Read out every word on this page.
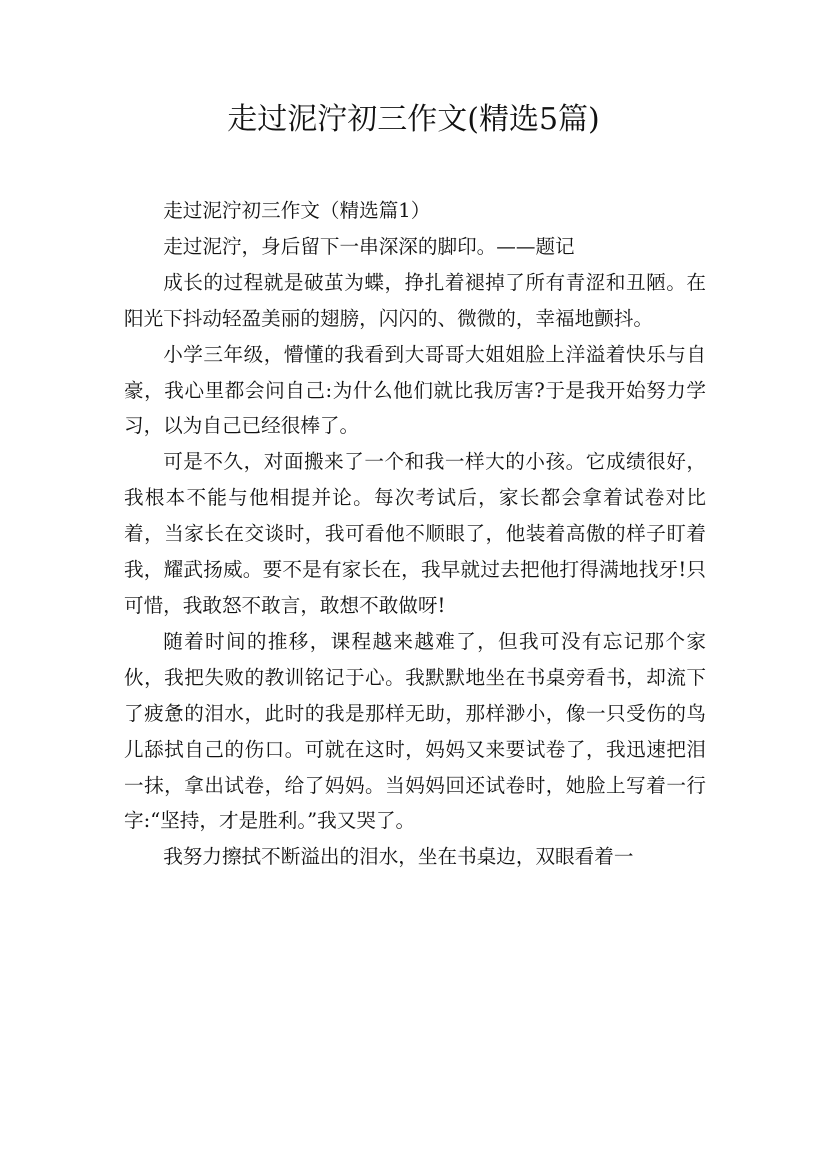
走过泥泞初三作文(精选5篇)

走过泥泞初三作文（精选篇1）

走过泥泞，身后留下一串深深的脚印。——题记

成长的过程就是破茧为蝶，挣扎着褪掉了所有青涩和丑陋。在阳光下抖动轻盈美丽的翅膀，闪闪的、微微的，幸福地颤抖。

小学三年级，懵懂的我看到大哥哥大姐姐脸上洋溢着快乐与自豪，我心里都会问自己:为什么他们就比我厉害?于是我开始努力学习，以为自己已经很棒了。

可是不久，对面搬来了一个和我一样大的小孩。它成绩很好，我根本不能与他相提并论。每次考试后，家长都会拿着试卷对比着，当家长在交谈时，我可看他不顺眼了，他装着高傲的样子盯着我，耀武扬威。要不是有家长在，我早就过去把他打得满地找牙!只可惜，我敢怒不敢言，敢想不敢做呀!

随着时间的推移，课程越来越难了，但我可没有忘记那个家伙，我把失败的教训铭记于心。我默默地坐在书桌旁看书，却流下了疲惫的泪水，此时的我是那样无助，那样渺小，像一只受伤的鸟儿舔拭自己的伤口。可就在这时，妈妈又来要试卷了，我迅速把泪一抹，拿出试卷，给了妈妈。当妈妈回还试卷时，她脸上写着一行字:“坚持，才是胜利。”我又哭了。

我努力擦拭不断溢出的泪水，坐在书桌边，双眼看着一
